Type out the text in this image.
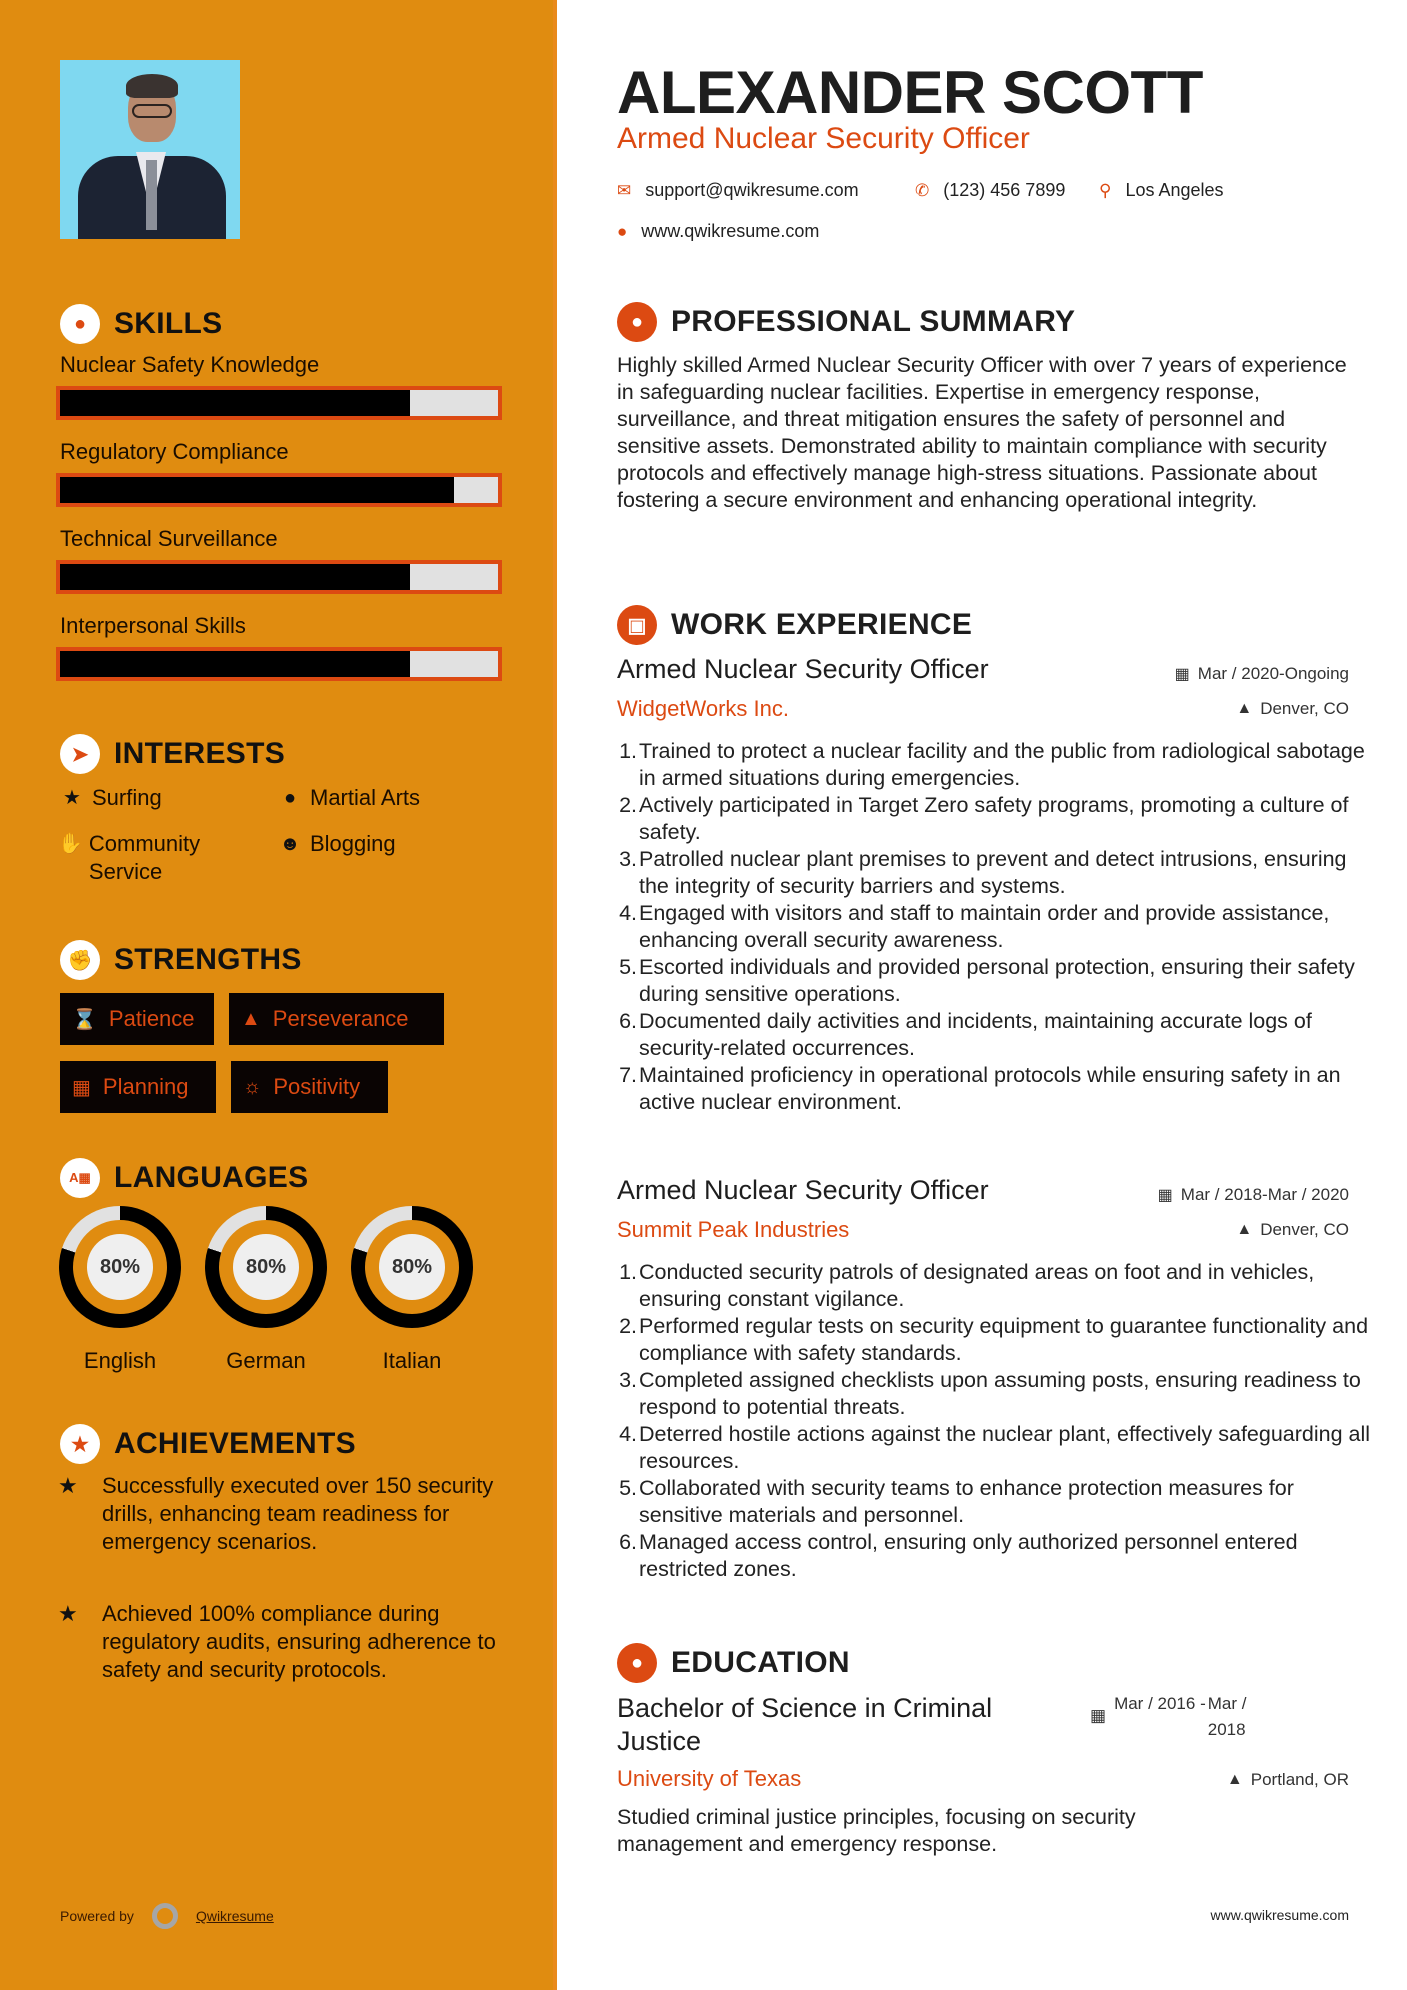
● SKILLS
Nuclear Safety Knowledge
Regulatory Compliance
Technical Surveillance
Interpersonal Skills
➤ INTERESTS
★ Surfing	● Martial Arts
✋ Community Service
☻ Blogging
✊ STRENGTHS
⌛ Patience ▲ Perseverance
▦ Planning	☼ Positivity
A▦ LANGUAGES
80%
English
80%
German
80%
Italian
★ ACHIEVEMENTS
★	Successfully executed over 150 security drills, enhancing team readiness for emergency scenarios.
★	Achieved 100% compliance during regulatory audits, ensuring adherence to safety and security protocols.
Powered by	Qwikresume
ALEXANDER SCOTT
Armed Nuclear Security Officer
✉ support@qwikresume.com	✆ (123) 456 7899 ⚲ Los Angeles
● www.qwikresume.com
● PROFESSIONAL SUMMARY
Highly skilled Armed Nuclear Security Officer with over 7 years of experience in safeguarding nuclear facilities. Expertise in emergency response, surveillance, and threat mitigation ensures the safety of personnel and sensitive assets. Demonstrated ability to maintain compliance with security protocols and effectively manage high-stress situations. Passionate about fostering a secure environment and enhancing operational integrity.
▣ WORK EXPERIENCE
Armed Nuclear Security Officer	▦ Mar / 2020-Ongoing
WidgetWorks Inc.	▲ Denver, CO
1. Trained to protect a nuclear facility and the public from radiological sabotage in armed situations during emergencies.
2. Actively participated in Target Zero safety programs, promoting a culture of safety.
3. Patrolled nuclear plant premises to prevent and detect intrusions, ensuring the integrity of security barriers and systems.
4. Engaged with visitors and staff to maintain order and provide assistance, enhancing overall security awareness.
5. Escorted individuals and provided personal protection, ensuring their safety during sensitive operations.
6. Documented daily activities and incidents, maintaining accurate logs of security-related occurrences.
7. Maintained proficiency in operational protocols while ensuring safety in an active nuclear environment.
Armed Nuclear Security Officer	▦ Mar / 2018-Mar / 2020
Summit Peak Industries	▲ Denver, CO
1. Conducted security patrols of designated areas on foot and in vehicles, ensuring constant vigilance.
2. Performed regular tests on security equipment to guarantee functionality and compliance with safety standards.
3. Completed assigned checklists upon assuming posts, ensuring readiness to respond to potential threats.
4. Deterred hostile actions against the nuclear plant, effectively safeguarding all resources.
5. Collaborated with security teams to enhance protection measures for sensitive materials and personnel.
6. Managed access control, ensuring only authorized personnel entered restricted zones.
● EDUCATION
Bachelor of Science in Criminal Justice
▦
Mar / 2016 - Mar / 2018
University of Texas	▲ Portland, OR
Studied criminal justice principles, focusing on security management and emergency response.
www.qwikresume.com
